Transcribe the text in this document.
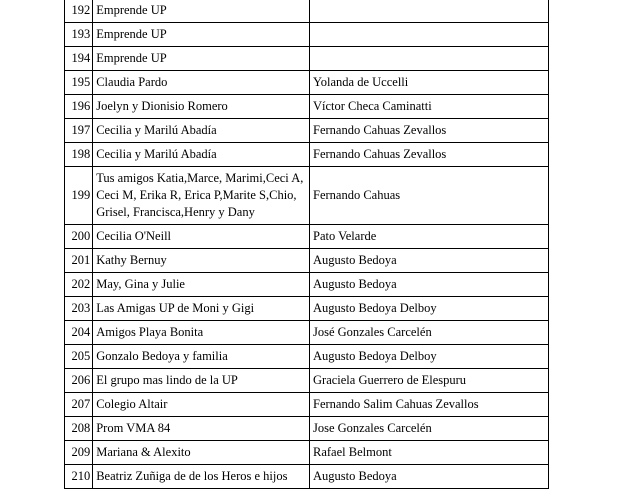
192	Emprende UP	
193	Emprende UP	
194	Emprende UP	
195	Claudia Pardo	Yolanda de Uccelli
196	Joelyn y Dionisio Romero	Víctor Checa Caminatti
197	Cecilia y Marilú Abadía	Fernando Cahuas Zevallos
198	Cecilia y Marilú Abadía	Fernando Cahuas Zevallos
199	Tus amigos Katia,Marce, Marimi,Ceci A, Ceci M, Erika R, Erica P,Marite S,Chio, Grisel, Francisca,Henry y Dany	Fernando Cahuas
200	Cecilia O'Neill	Pato Velarde
201	Kathy Bernuy	Augusto Bedoya
202	May, Gina y Julie	Augusto Bedoya
203	Las Amigas UP de Moni y Gigi	Augusto Bedoya Delboy
204	Amigos Playa Bonita	José Gonzales Carcelén
205	Gonzalo Bedoya y familia	Augusto Bedoya Delboy
206	El grupo mas lindo de la UP	Graciela Guerrero de Elespuru
207	Colegio Altair	Fernando Salim Cahuas Zevallos
208	Prom VMA 84	Jose Gonzales Carcelén
209	Mariana & Alexito	Rafael Belmont
210	Beatriz Zuñiga de de los Heros e hijos	Augusto Bedoya
